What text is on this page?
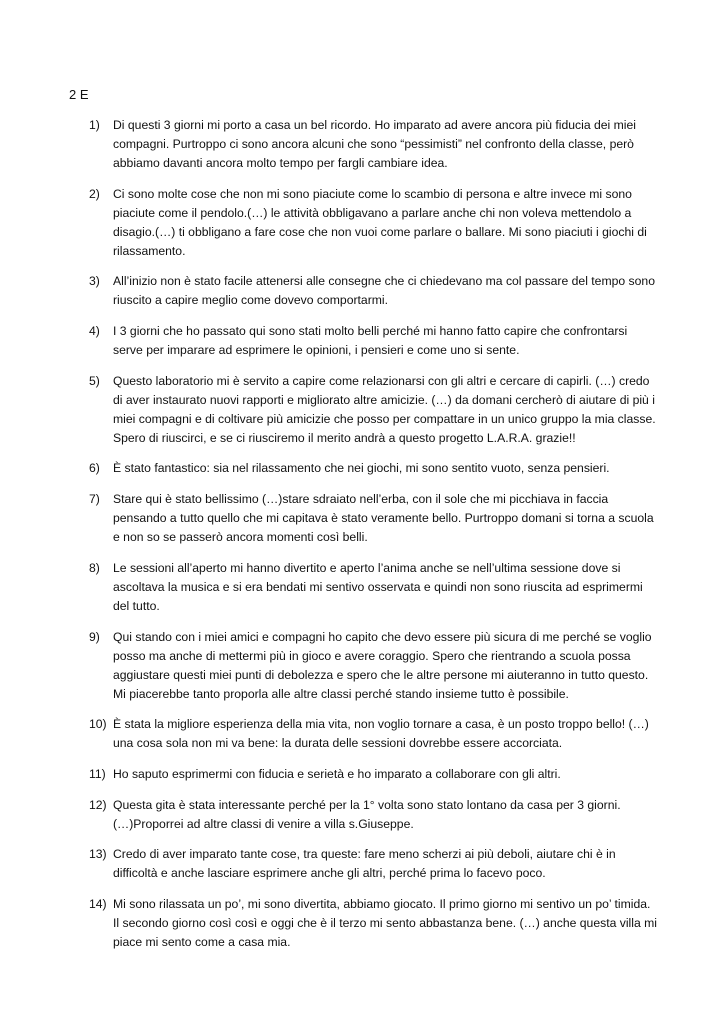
2 E
1)	Di questi 3 giorni mi porto a casa un bel ricordo. Ho imparato ad avere ancora più fiducia dei miei compagni. Purtroppo ci sono ancora alcuni che sono “pessimisti” nel confronto della classe, però abbiamo davanti ancora molto tempo per fargli cambiare idea.
2)	Ci sono molte cose che non mi sono piaciute come lo scambio di persona e altre invece mi sono piaciute come il pendolo.(…) le attività obbligavano a parlare anche chi non voleva mettendolo a disagio.(…) ti obbligano a fare cose che non vuoi come parlare o ballare. Mi sono piaciuti i giochi di rilassamento.
3)	All’inizio non è stato facile attenersi alle consegne che ci chiedevano ma col passare del tempo sono riuscito a capire meglio come dovevo comportarmi.
4)	I 3 giorni che ho passato qui sono stati molto belli perché mi hanno fatto capire che confrontarsi serve per imparare ad esprimere le opinioni, i pensieri e come uno si sente.
5)	Questo laboratorio mi è servito a capire come relazionarsi con gli altri e cercare di capirli. (…) credo di aver instaurato nuovi rapporti e migliorato altre amicizie. (…) da domani cercherò di aiutare di più i miei compagni e di coltivare più amicizie che posso per compattare in un unico gruppo la mia classe. Spero di riuscirci, e se ci riusciremo il merito andrà a questo progetto L.A.R.A. grazie!!
6)	È stato fantastico: sia nel rilassamento che nei giochi, mi sono sentito vuoto, senza pensieri.
7)	Stare qui è stato bellissimo (…)stare sdraiato nell’erba, con il sole che mi picchiava in faccia pensando a tutto quello che mi capitava è stato veramente bello. Purtroppo domani si torna a scuola e non so se passerò ancora momenti così belli.
8)	Le sessioni all’aperto mi hanno divertito e aperto l’anima anche se nell’ultima sessione dove si ascoltava la musica e si era bendati mi sentivo osservata e quindi non sono riuscita ad esprimermi del tutto.
9)	Qui stando con i miei amici e compagni ho capito che devo essere più sicura di me perché se voglio posso ma anche di mettermi più in gioco e avere coraggio. Spero che rientrando a scuola possa aggiustare questi miei punti di debolezza e spero che le altre persone mi aiuteranno in tutto questo. Mi piacerebbe tanto proporla alle altre classi perché stando insieme tutto è possibile.
10) È stata la migliore esperienza della mia vita, non voglio tornare a casa, è un posto troppo bello! (…) una cosa sola non mi va bene: la durata delle sessioni dovrebbe essere accorciata.
11) Ho saputo esprimermi con fiducia e serietà e ho imparato a collaborare con gli altri.
12) Questa gita è stata interessante perché per la 1° volta sono stato lontano da casa per 3 giorni. (…)Proporrei ad altre classi di venire a villa s.Giuseppe.
13) Credo di aver imparato tante cose, tra queste: fare meno scherzi ai più deboli, aiutare chi è in difficoltà e anche lasciare esprimere anche gli altri, perché prima lo facevo poco.
14) Mi sono rilassata un po’, mi sono divertita, abbiamo giocato. Il primo giorno mi sentivo un po’ timida. Il secondo giorno così così e oggi che è il terzo mi sento abbastanza bene. (…) anche questa villa mi piace mi sento come a casa mia.
